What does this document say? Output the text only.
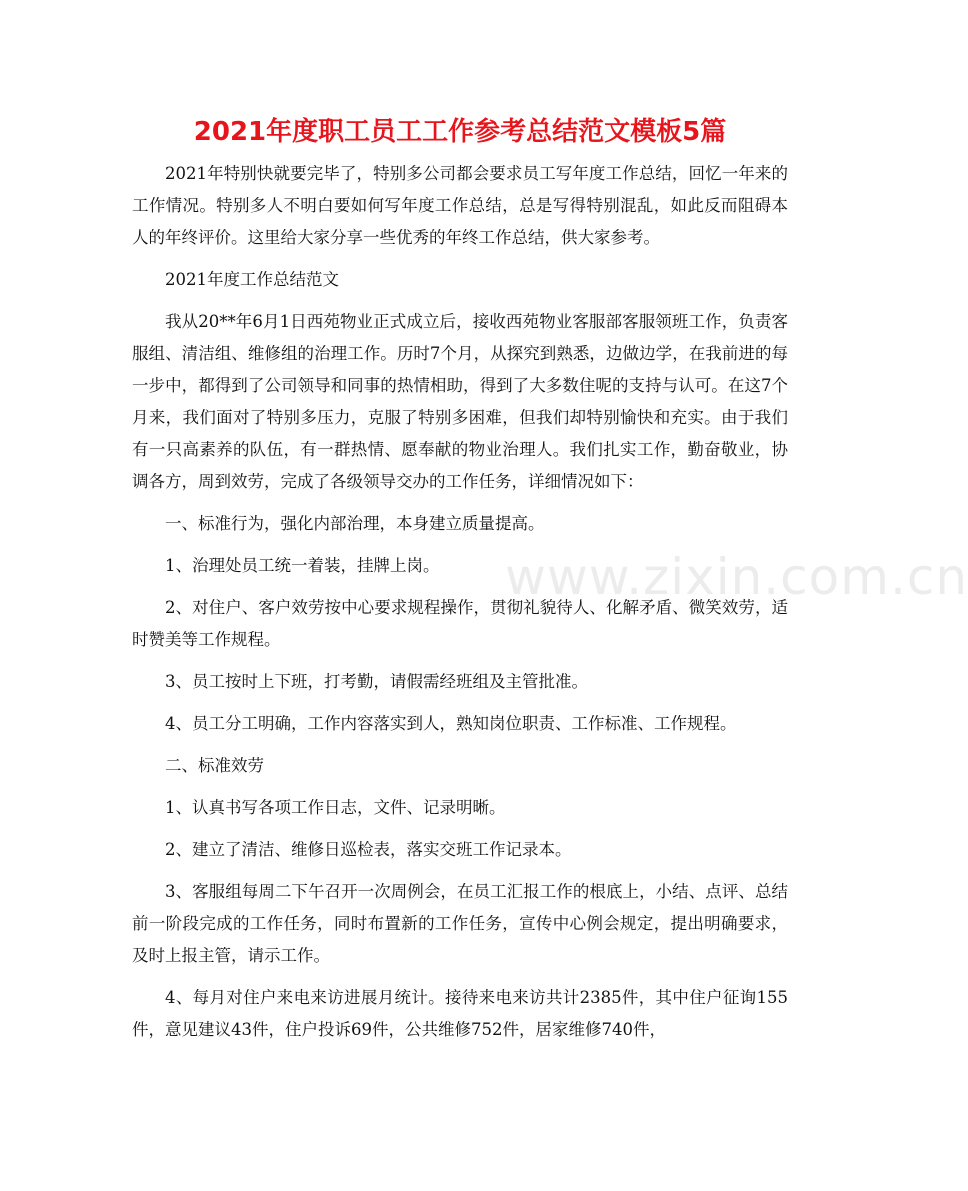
2021年度职工员工工作参考总结范文模板5篇

2021年特别快就要完毕了，特别多公司都会要求员工写年度工作总结，回忆一年来的工作情况。特别多人不明白要如何写年度工作总结，总是写得特别混乱，如此反而阻碍本人的年终评价。这里给大家分享一些优秀的年终工作总结，供大家参考。

2021年度工作总结范文

我从20**年6月1日西苑物业正式成立后，接收西苑物业客服部客服领班工作，负责客服组、清洁组、维修组的治理工作。历时7个月，从探究到熟悉，边做边学，在我前进的每一步中，都得到了公司领导和同事的热情相助，得到了大多数住呢的支持与认可。在这7个月来，我们面对了特别多压力，克服了特别多困难，但我们却特别愉快和充实。由于我们有一只高素养的队伍，有一群热情、愿奉献的物业治理人。我们扎实工作，勤奋敬业，协调各方，周到效劳，完成了各级领导交办的工作任务，详细情况如下：

一、标准行为，强化内部治理，本身建立质量提高。

1、治理处员工统一着装，挂牌上岗。

2、对住户、客户效劳按中心要求规程操作，贯彻礼貌待人、化解矛盾、微笑效劳，适时赞美等工作规程。

3、员工按时上下班，打考勤，请假需经班组及主管批准。

4、员工分工明确，工作内容落实到人，熟知岗位职责、工作标准、工作规程。

二、标准效劳

1、认真书写各项工作日志，文件、记录明晰。

2、建立了清洁、维修日巡检表，落实交班工作记录本。

3、客服组每周二下午召开一次周例会，在员工汇报工作的根底上，小结、点评、总结前一阶段完成的工作任务，同时布置新的工作任务，宣传中心例会规定，提出明确要求，及时上报主管，请示工作。

4、每月对住户来电来访进展月统计。接待来电来访共计2385件，其中住户征询155件，意见建议43件，住户投诉69件，公共维修752件，居家维修740件，

www.zixin.com.cn
